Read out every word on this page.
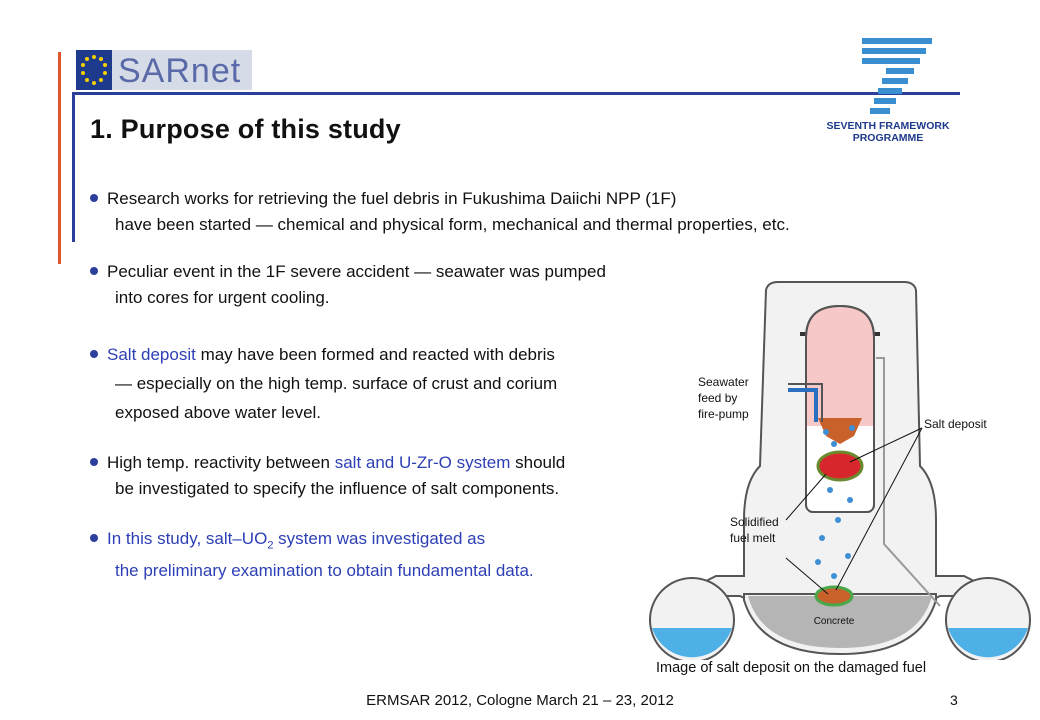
SARnet
SEVENTH FRAMEWORK
PROGRAMME
1. Purpose of this study
Research works for retrieving the fuel debris in Fukushima Daiichi NPP (1F)
have been started — chemical and physical form, mechanical and thermal properties, etc.
Peculiar event in the 1F severe accident — seawater was pumped
into cores for urgent cooling.
Salt deposit may have been formed and reacted with debris
— especially on the high temp. surface of crust and corium
exposed above water level.
High temp. reactivity between salt and U-Zr-O system should
be investigated to specify the influence of salt components.
In this study, salt–$UO_2$ system was investigated as
the preliminary examination to obtain fundamental data.
Concrete
Seawater
feed by
fire-pump
Salt deposit
Solidified
fuel melt
Image of salt deposit on the damaged fuel
ERMSAR 2012, Cologne March 21 – 23, 2012	3
